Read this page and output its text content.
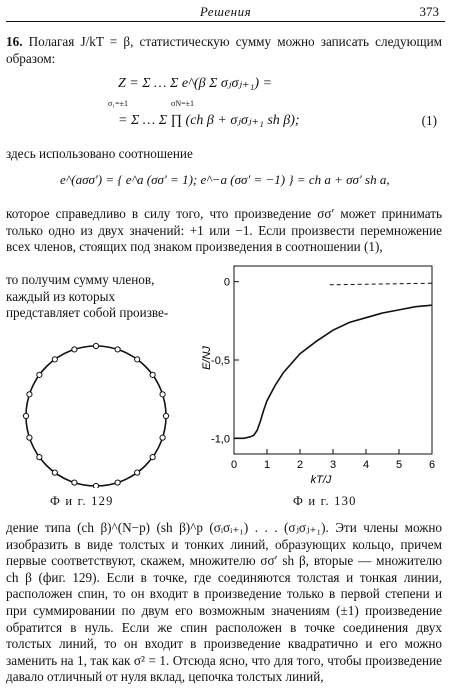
Решения	373

16. Полагая J/kT = β, статистическую сумму можно записать следующим образом:

Z = Σ … Σ e^(β Σ σⱼσⱼ₊₁) =
σ₁=±1	σN=±1
= Σ … Σ ∏ (ch β + σⱼσⱼ₊₁ sh β);	(1)
здесь использовано соотношение
e^(aσσ′) = { e^a (σσ′ = 1); e^−a (σσ′ = −1) } = ch a + σσ′ sh a,

которое справедливо в силу того, что произведение σσ′ может принимать только одно из двух значений: +1 или −1. Если произвести перемножение всех членов, стоящих под знаком произведения в соотношении (1),

то получим сумму членов, каждый из которых представляет собой произве-

Ф и г. 129
0 1 2 3 4 5 6
0
-0,5
-1,0
kT/J
E/NJ
Ф и г. 130

дение типа (ch β)^(N−p) (sh β)^p (σᵢσᵢ₊₁) . . . (σⱼσⱼ₊₁). Эти члены можно изобразить в виде толстых и тонких линий, образующих кольцо, причем первые соответствуют, скажем, множителю σσ′ sh β, вторые — множителю ch β (фиг. 129). Если в точке, где соединяются толстая и тонкая линии, расположен спин, то он входит в произведение только в первой степени и при суммировании по двум его возможным значениям (±1) произведение обратится в нуль. Если же спин расположен в точке соединения двух толстых линий, то он входит в произведение квадратично и его можно заменить на 1, так как σ² = 1. Отсюда ясно, что для того, чтобы произведение давало отличный от нуля вклад, цепочка толстых линий,
